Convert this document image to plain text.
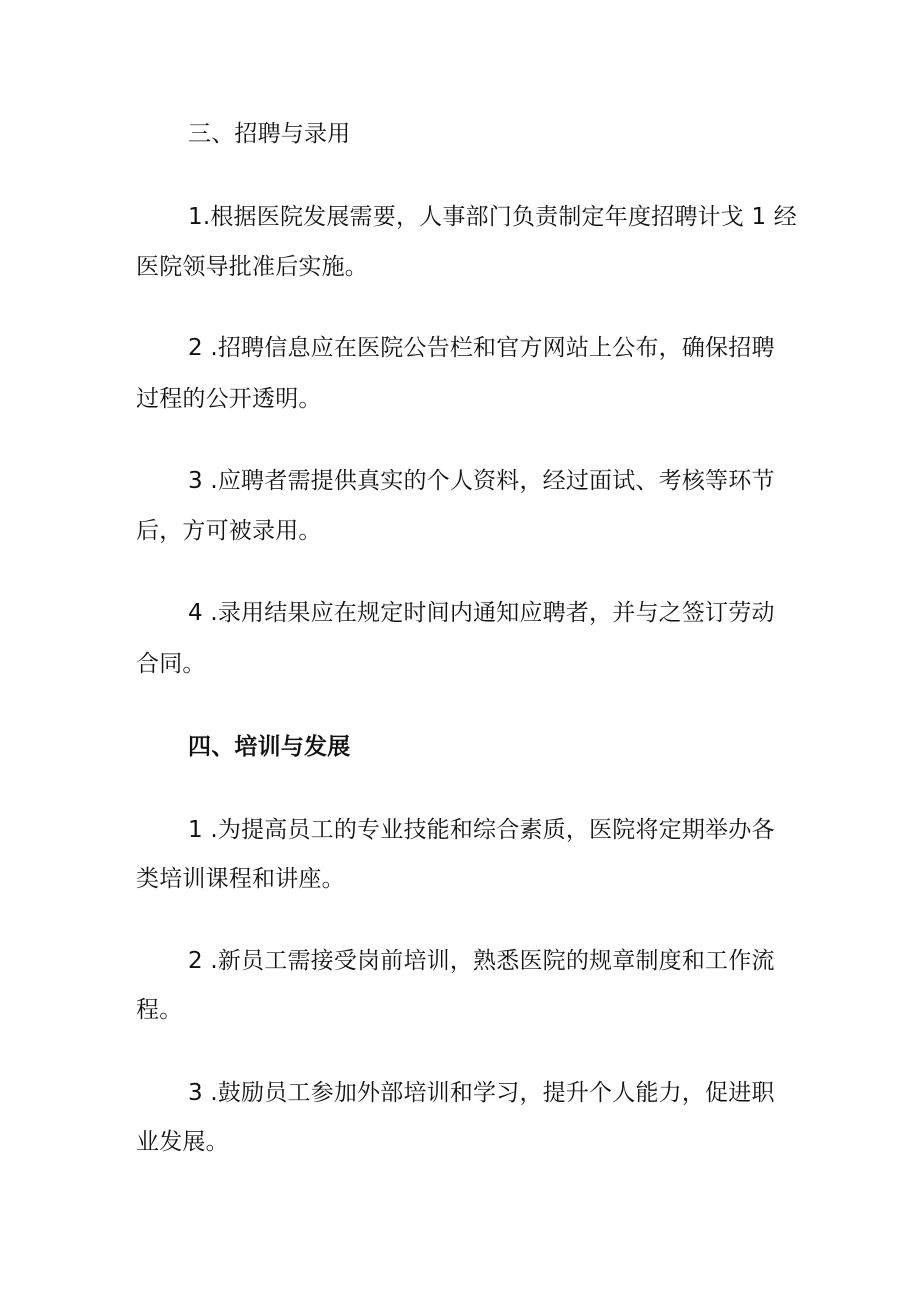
三、招聘与录用
1.根据医院发展需要，人事部门负责制定年度招聘计戈 1 经
医院领导批准后实施。
2 .招聘信息应在医院公告栏和官方网站上公布，确保招聘
过程的公开透明。
3 .应聘者需提供真实的个人资料，经过面试、考核等环节
后，方可被录用。
4 .录用结果应在规定时间内通知应聘者，并与之签订劳动
合同。
四、培训与发展
1 .为提高员工的专业技能和综合素质，医院将定期举办各
类培训课程和讲座。
2 .新员工需接受岗前培训，熟悉医院的规章制度和工作流
程。
3 .鼓励员工参加外部培训和学习，提升个人能力，促进职
业发展。
